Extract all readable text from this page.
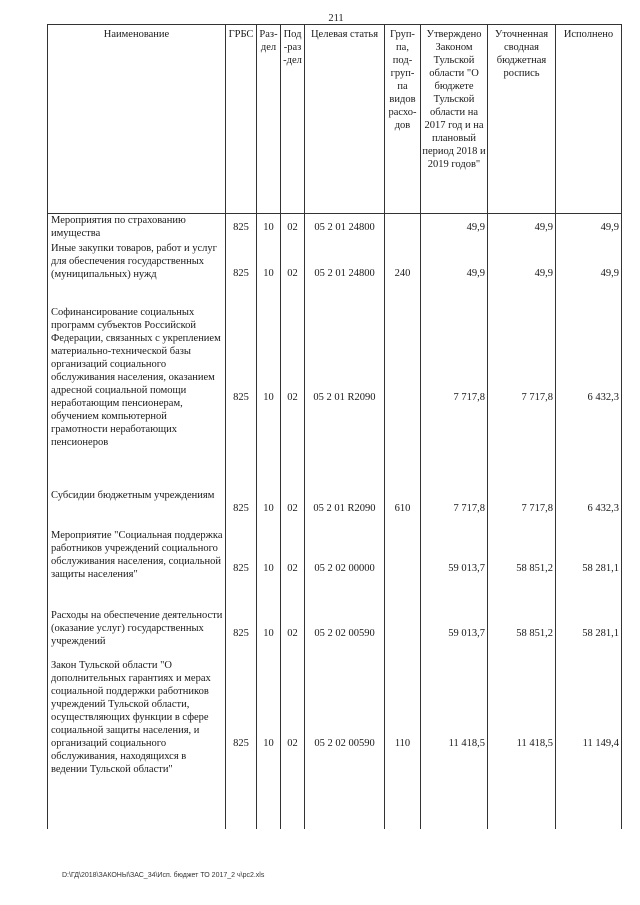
211
Наименование	ГРБС	Раз-дел	Под-раз-дел	Целевая статья	Груп-па, под-груп-па видов расхо-дов	Утверждено Законом Тульской области "О бюджете Тульской области на 2017 год и на плановый период 2018 и 2019 годов"	Уточненная сводная бюджетная роспись	Исполнено
Мероприятия по страхованию имущества	825	10	02	05 2 01 24800		49,9	49,9	49,9
Иные закупки товаров, работ и услуг для обеспечения государственных (муниципальных) нужд	825	10	02	05 2 01 24800	240	49,9	49,9	49,9
Софинансирование социальных программ субъектов Российской Федерации, связанных с укреплением материально-технической базы организаций социального обслуживания населения, оказанием адресной социальной помощи неработающим пенсионерам, обучением компьютерной грамотности неработающих пенсионеров	825	10	02	05 2 01 R2090		7 717,8	7 717,8	6 432,3
Субсидии бюджетным учреждениям	825	10	02	05 2 01 R2090	610	7 717,8	7 717,8	6 432,3
Мероприятие "Социальная поддержка работников учреждений социального обслуживания населения, социальной защиты населения"	825	10	02	05 2 02 00000		59 013,7	58 851,2	58 281,1
Расходы на обеспечение деятельности (оказание услуг) государственных учреждений	825	10	02	05 2 02 00590		59 013,7	58 851,2	58 281,1
Закон Тульской области "О дополнительных гарантиях и мерах социальной поддержки работников учреждений Тульской области, осуществляющих функции в сфере социальной защиты населения, и организаций социального обслуживания, находящихся в ведении Тульской области"	825	10	02	05 2 02 00590	110	11 418,5	11 418,5	11 149,4
D:\ГД\2018\ЗАКОНЫ\ЗАС_34\Исп. бюджет ТО 2017_2 ч\рс2.xls
